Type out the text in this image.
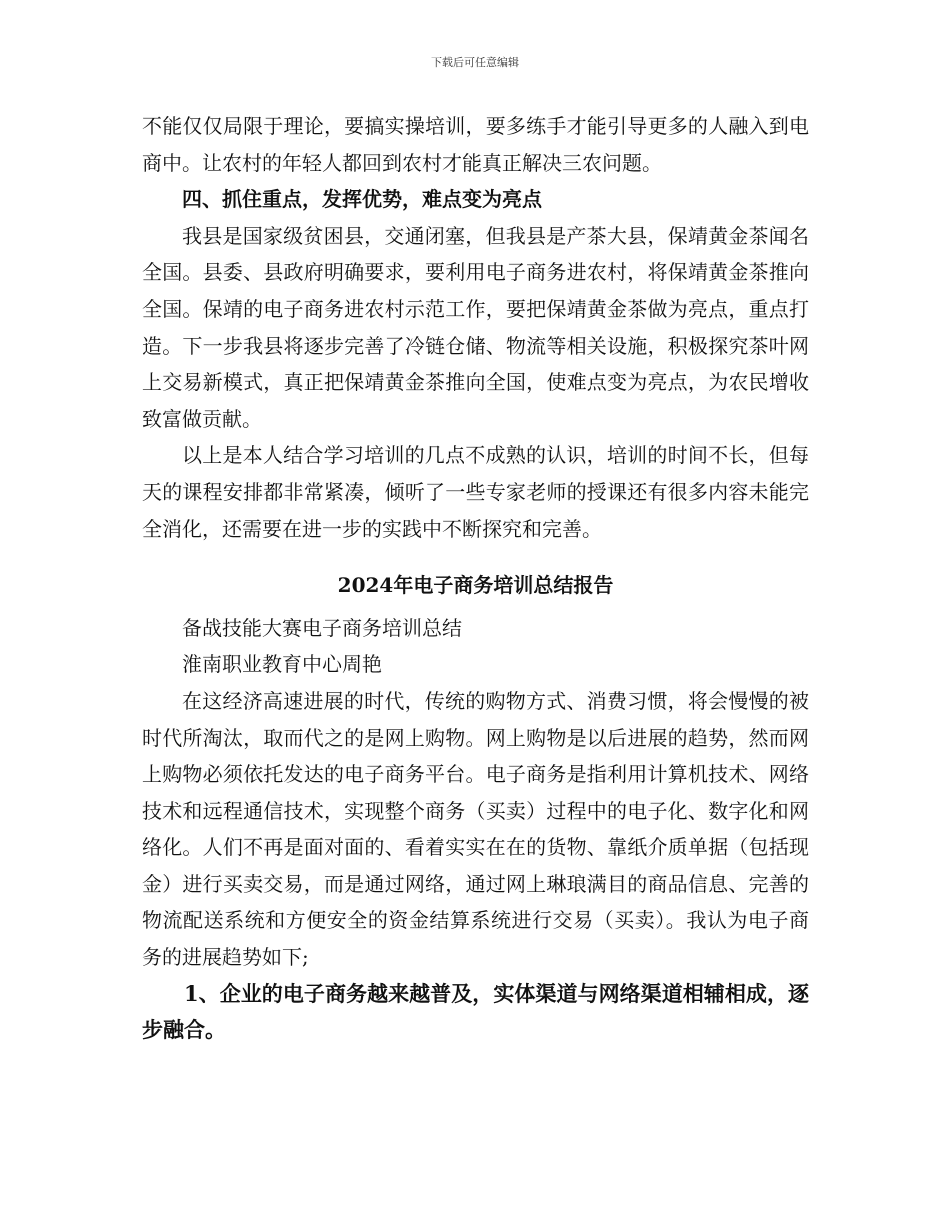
下载后可任意编辑

不能仅仅局限于理论，要搞实操培训，要多练手才能引导更多的人融入到电商中。让农村的年轻人都回到农村才能真正解决三农问题。

四、抓住重点，发挥优势，难点变为亮点

我县是国家级贫困县，交通闭塞，但我县是产茶大县，保靖黄金茶闻名全国。县委、县政府明确要求，要利用电子商务进农村，将保靖黄金茶推向全国。保靖的电子商务进农村示范工作，要把保靖黄金茶做为亮点，重点打造。下一步我县将逐步完善了冷链仓储、物流等相关设施，积极探究茶叶网上交易新模式，真正把保靖黄金茶推向全国，使难点变为亮点，为农民增收致富做贡献。

以上是本人结合学习培训的几点不成熟的认识，培训的时间不长，但每天的课程安排都非常紧凑，倾听了一些专家老师的授课还有很多内容未能完全消化，还需要在进一步的实践中不断探究和完善。

2024年电子商务培训总结报告

备战技能大赛电子商务培训总结

淮南职业教育中心周艳

在这经济高速进展的时代，传统的购物方式、消费习惯，将会慢慢的被时代所淘汰，取而代之的是网上购物。网上购物是以后进展的趋势，然而网上购物必须依托发达的电子商务平台。电子商务是指利用计算机技术、网络技术和远程通信技术，实现整个商务（买卖）过程中的电子化、数字化和网络化。人们不再是面对面的、看着实实在在的货物、靠纸介质单据（包括现金）进行买卖交易，而是通过网络，通过网上琳琅满目的商品信息、完善的物流配送系统和方便安全的资金结算系统进行交易（买卖）。我认为电子商务的进展趋势如下;

1、企业的电子商务越来越普及，实体渠道与网络渠道相辅相成，逐步融合。
